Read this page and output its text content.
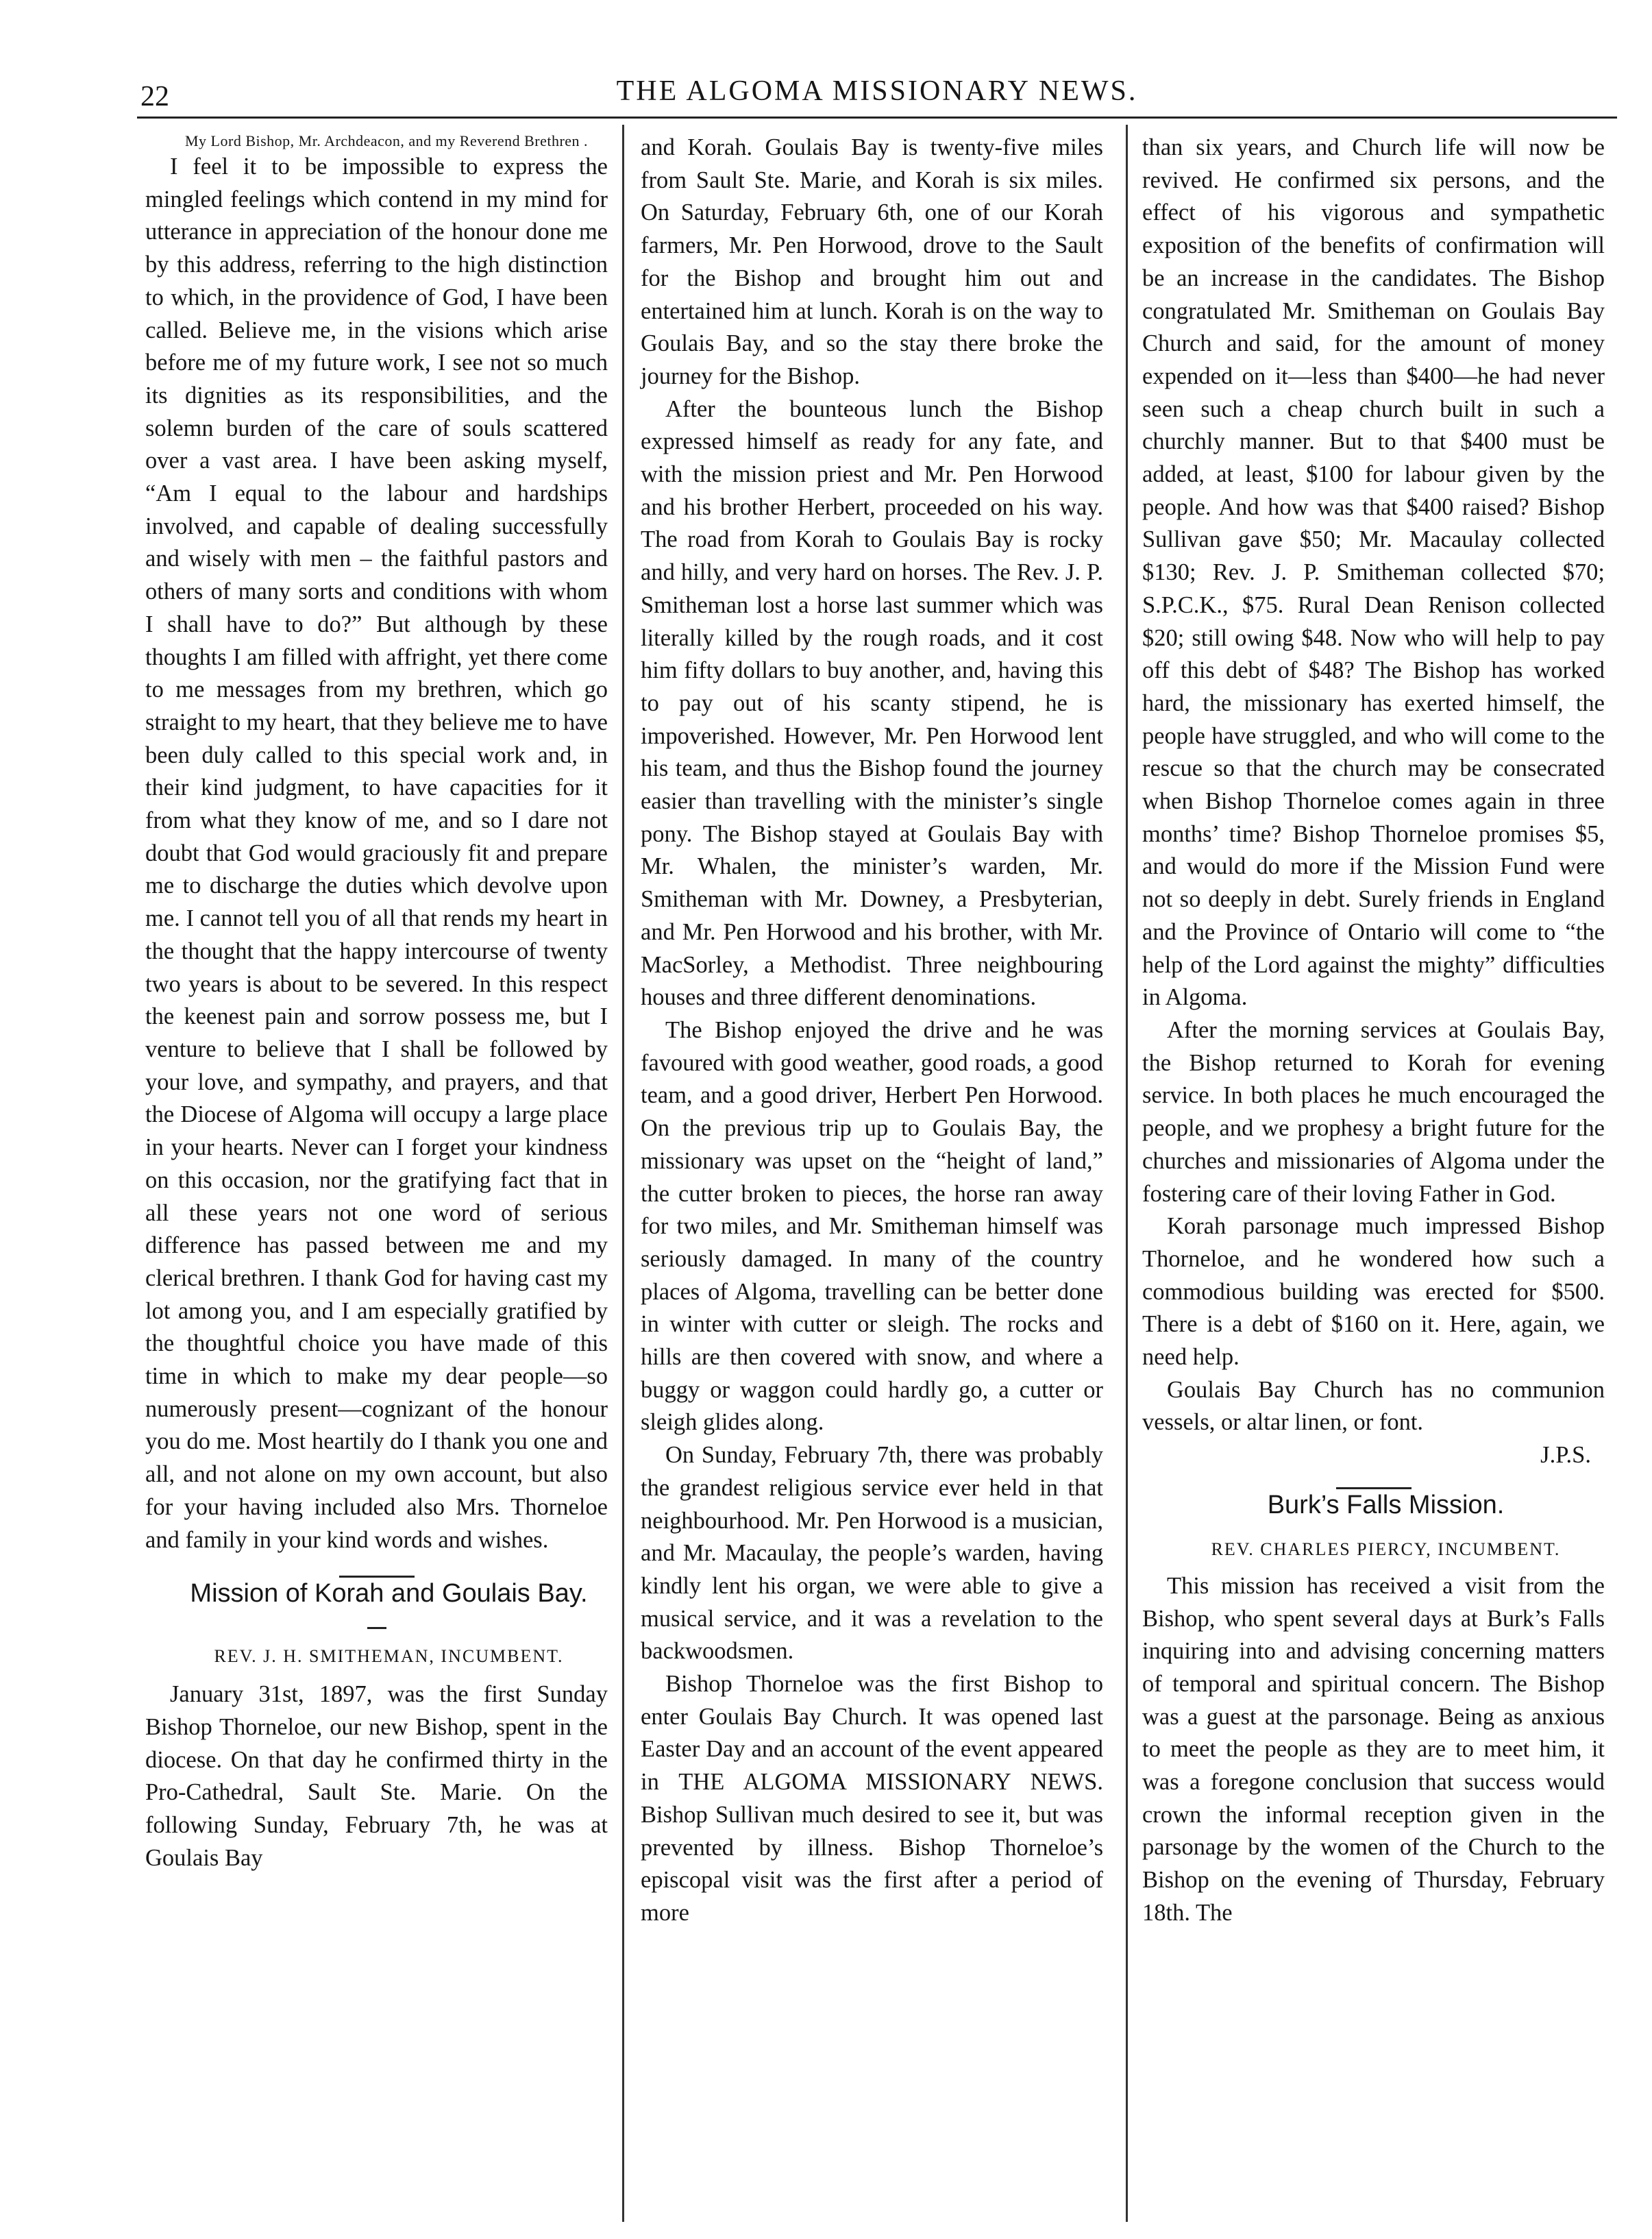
22	THE ALGOMA MISSIONARY NEWS.

My Lord Bishop, Mr. Archdeacon, and my Reverend Brethren .

I feel it to be impossible to express the mingled feelings which contend in my mind for utterance in appreciation of the honour done me by this address, referring to the high distinction to which, in the providence of God, I have been called. Believe me, in the visions which arise before me of my future work, I see not so much its dignities as its responsibilities, and the solemn burden of the care of souls scattered over a vast area. I have been asking myself, “Am I equal to the labour and hardships involved, and capable of dealing successfully and wisely with men – the faithful pastors and others of many sorts and conditions with whom I shall have to do?” But although by these thoughts I am filled with affright, yet there come to me messages from my brethren, which go straight to my heart, that they believe me to have been duly called to this special work and, in their kind judgment, to have capacities for it from what they know of me, and so I dare not doubt that God would graciously fit and prepare me to discharge the duties which devolve upon me. I cannot tell you of all that rends my heart in the thought that the happy intercourse of twenty two years is about to be severed. In this respect the keenest pain and sorrow possess me, but I venture to believe that I shall be followed by your love, and sympathy, and prayers, and that the Diocese of Algoma will occupy a large place in your hearts. Never can I forget your kindness on this occasion, nor the gratifying fact that in all these years not one word of serious difference has passed between me and my clerical brethren. I thank God for having cast my lot among you, and I am especially gratified by the thoughtful choice you have made of this time in which to make my dear people—so numerously present—cognizant of the honour you do me. Most heartily do I thank you one and all, and not alone on my own account, but also for your having included also Mrs. Thorneloe and family in your kind words and wishes.

Mission of Korah and Goulais Bay.

REV. J. H. SMITHEMAN, INCUMBENT.

January 31st, 1897, was the first Sunday Bishop Thorneloe, our new Bishop, spent in the diocese. On that day he confirmed thirty in the Pro-Cathedral, Sault Ste. Marie. On the following Sunday, February 7th, he was at Goulais Bay

and Korah. Goulais Bay is twenty-five miles from Sault Ste. Marie, and Korah is six miles. On Saturday, February 6th, one of our Korah farmers, Mr. Pen Horwood, drove to the Sault for the Bishop and brought him out and entertained him at lunch. Korah is on the way to Goulais Bay, and so the stay there broke the journey for the Bishop.

After the bounteous lunch the Bishop expressed himself as ready for any fate, and with the mission priest and Mr. Pen Horwood and his brother Herbert, proceeded on his way. The road from Korah to Goulais Bay is rocky and hilly, and very hard on horses. The Rev. J. P. Smitheman lost a horse last summer which was literally killed by the rough roads, and it cost him fifty dollars to buy another, and, having this to pay out of his scanty stipend, he is impoverished. However, Mr. Pen Horwood lent his team, and thus the Bishop found the journey easier than travelling with the minister’s single pony. The Bishop stayed at Goulais Bay with Mr. Whalen, the minister’s warden, Mr. Smitheman with Mr. Downey, a Presbyterian, and Mr. Pen Horwood and his brother, with Mr. MacSorley, a Methodist. Three neighbouring houses and three different denominations.

The Bishop enjoyed the drive and he was favoured with good weather, good roads, a good team, and a good driver, Herbert Pen Horwood. On the previous trip up to Goulais Bay, the missionary was upset on the “height of land,” the cutter broken to pieces, the horse ran away for two miles, and Mr. Smitheman himself was seriously damaged. In many of the country places of Algoma, travelling can be better done in winter with cutter or sleigh. The rocks and hills are then covered with snow, and where a buggy or waggon could hardly go, a cutter or sleigh glides along.

On Sunday, February 7th, there was probably the grandest religious service ever held in that neighbourhood. Mr. Pen Horwood is a musician, and Mr. Macaulay, the people’s warden, having kindly lent his organ, we were able to give a musical service, and it was a revelation to the backwoodsmen.

Bishop Thorneloe was the first Bishop to enter Goulais Bay Church. It was opened last Easter Day and an account of the event appeared in THE ALGOMA MISSIONARY NEWS. Bishop Sullivan much desired to see it, but was prevented by illness. Bishop Thorneloe’s episcopal visit was the first after a period of more

than six years, and Church life will now be revived. He confirmed six persons, and the effect of his vigorous and sympathetic exposition of the benefits of confirmation will be an increase in the candidates. The Bishop congratulated Mr. Smitheman on Goulais Bay Church and said, for the amount of money expended on it—less than $400—he had never seen such a cheap church built in such a churchly manner. But to that $400 must be added, at least, $100 for labour given by the people. And how was that $400 raised? Bishop Sullivan gave $50; Mr. Macaulay collected $130; Rev. J. P. Smitheman collected $70; S.P.C.K., $75. Rural Dean Renison collected $20; still owing $48. Now who will help to pay off this debt of $48? The Bishop has worked hard, the missionary has exerted himself, the people have struggled, and who will come to the rescue so that the church may be consecrated when Bishop Thorneloe comes again in three months’ time? Bishop Thorneloe promises $5, and would do more if the Mission Fund were not so deeply in debt. Surely friends in England and the Province of Ontario will come to “the help of the Lord against the mighty” difficulties in Algoma.

After the morning services at Goulais Bay, the Bishop returned to Korah for evening service. In both places he much encouraged the people, and we prophesy a bright future for the churches and missionaries of Algoma under the fostering care of their loving Father in God.

Korah parsonage much impressed Bishop Thorneloe, and he wondered how such a commodious building was erected for $500. There is a debt of $160 on it. Here, again, we need help.

Goulais Bay Church has no communion vessels, or altar linen, or font.

J.P.S.

Burk’s Falls Mission.

REV. CHARLES PIERCY, INCUMBENT.

This mission has received a visit from the Bishop, who spent several days at Burk’s Falls inquiring into and advising concerning matters of temporal and spiritual concern. The Bishop was a guest at the parsonage. Being as anxious to meet the people as they are to meet him, it was a foregone conclusion that success would crown the informal reception given in the parsonage by the women of the Church to the Bishop on the evening of Thursday, February 18th. The
